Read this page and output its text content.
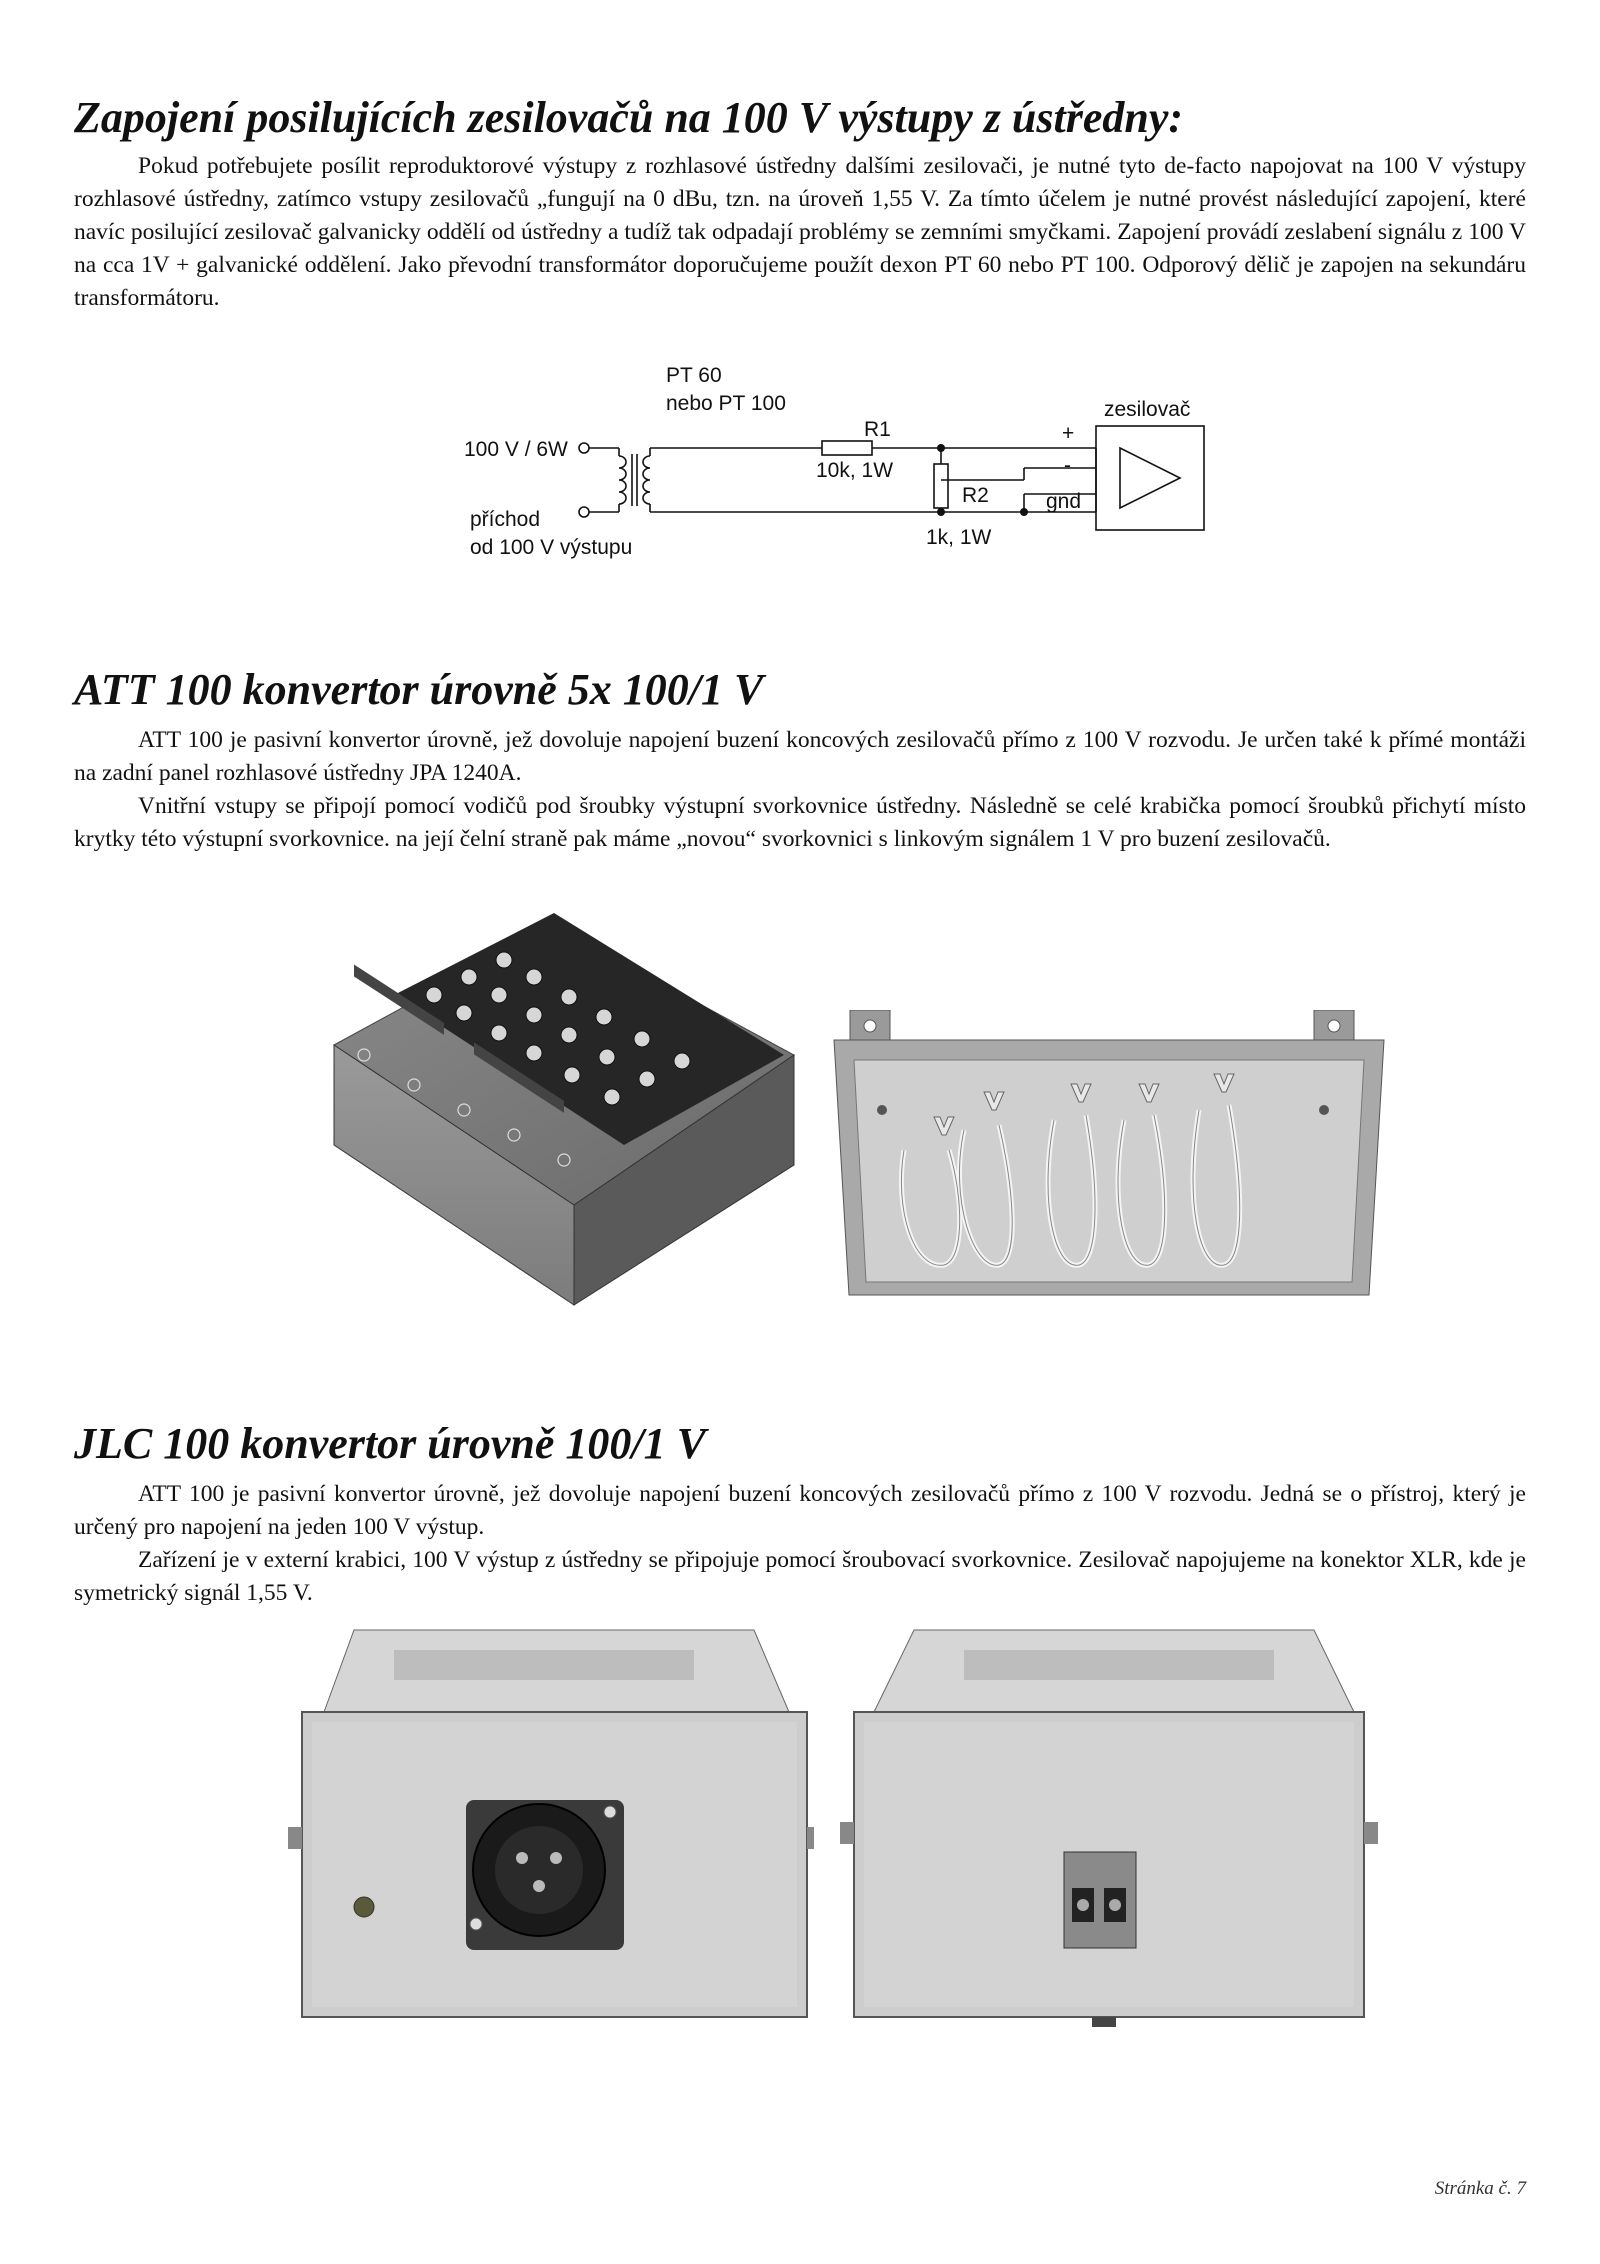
Zapojení posilujících zesilovačů na 100 V výstupy z ústředny:

Pokud potřebujete posílit reproduktorové výstupy z rozhlasové ústředny dalšími zesilovači, je nutné tyto de-facto napojovat na 100 V výstupy rozhlasové ústředny, zatímco vstupy zesilovačů „fungují na 0 dBu, tzn. na úroveň 1,55 V. Za tímto účelem je nutné provést následující zapojení, které navíc posilující zesilovač galvanicky oddělí od ústředny a tudíž tak odpadají problémy se zemními smyčkami. Zapojení provádí zeslabení signálu z 100 V na cca 1V + galvanické oddělení. Jako převodní transformátor doporučujeme použít dexon PT 60 nebo PT 100. Odporový dělič je zapojen na sekundáru transformátoru.

PT 60
nebo PT 100
100 V / 6W
příchod
od 100 V výstupu
R1
10k, 1W
R2
1k, 1W
zesilovač
+
-
gnd
ATT 100 konvertor úrovně 5x 100/1 V

ATT 100 je pasivní konvertor úrovně, jež dovoluje napojení buzení koncových zesilovačů přímo z 100 V rozvodu. Je určen také k přímé montáži na zadní panel rozhlasové ústředny JPA 1240A.

Vnitřní vstupy se připojí pomocí vodičů pod šroubky výstupní svorkovnice ústředny. Následně se celé krabička pomocí šroubků přichytí místo krytky této výstupní svorkovnice. na její čelní straně pak máme „novou“ svorkovnici s linkovým signálem 1 V pro buzení zesilovačů.

JLC 100 konvertor úrovně 100/1 V

ATT 100 je pasivní konvertor úrovně, jež dovoluje napojení buzení koncových zesilovačů přímo z 100 V rozvodu. Jedná se o přístroj, který je určený pro napojení na jeden 100 V výstup.

Zařízení je v externí krabici, 100 V výstup z ústředny se připojuje pomocí šroubovací svorkovnice. Zesilovač napojujeme na konektor XLR, kde je symetrický signál 1,55 V.

Stránka č. 7
